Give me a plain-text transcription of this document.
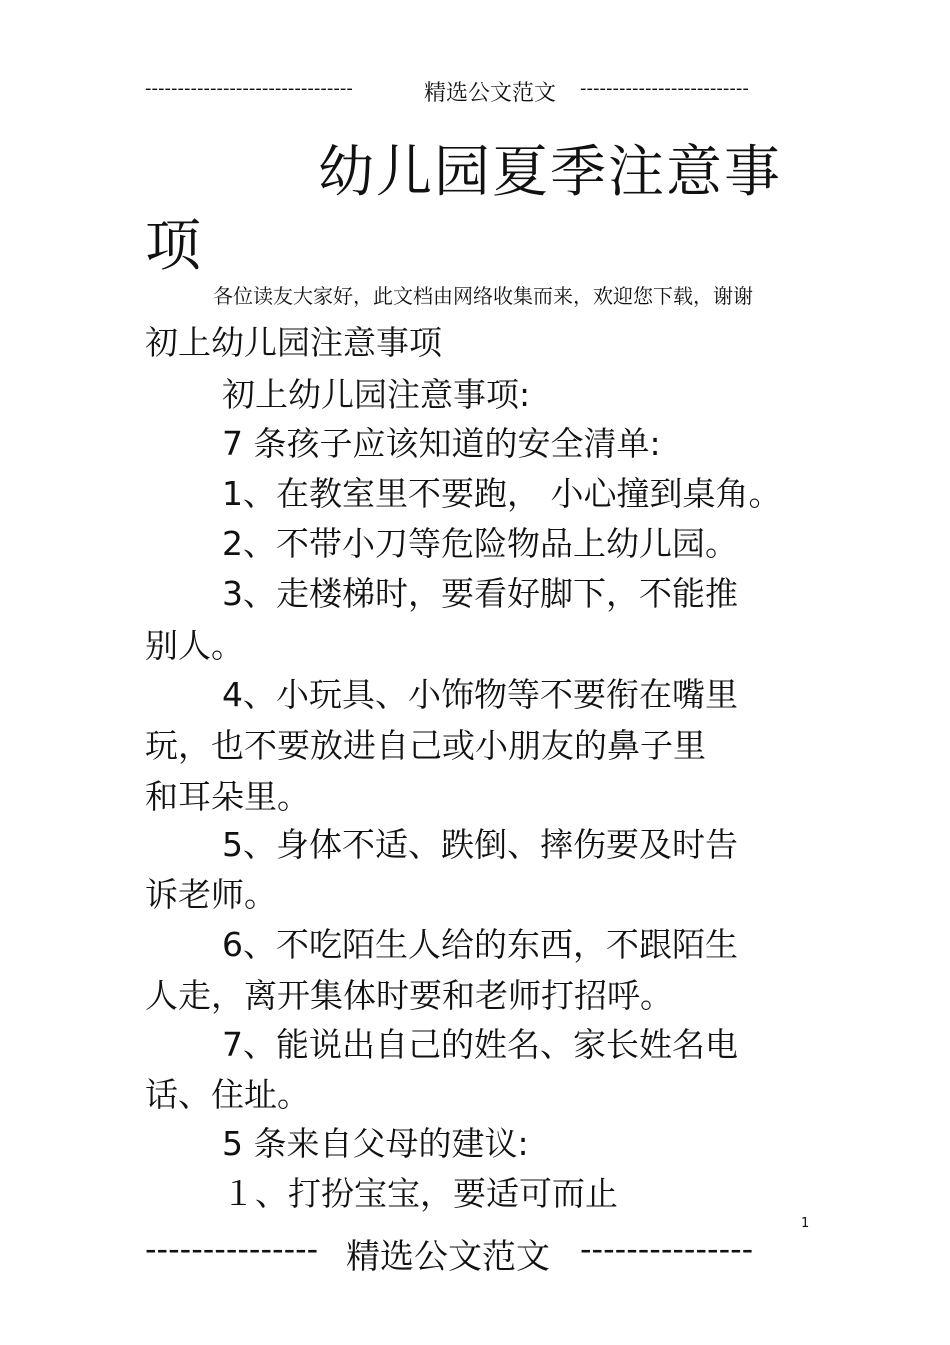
--------------------------------	精选公文范文 --------------------------
幼儿园夏季注意事
项
各位读友大家好，此文档由网络收集而来，欢迎您下载，谢谢
初上幼儿园注意事项
初上幼儿园注意事项:
7 条孩子应该知道的安全清单:
1、在教室里不要跑， 小心撞到桌角。
2、不带小刀等危险物品上幼儿园。
3、走楼梯时，要看好脚下，不能推
别人。
4、小玩具、小饰物等不要衔在嘴里
玩，也不要放进自己或小朋友的鼻子里
和耳朵里。
5、身体不适、跌倒、摔伤要及时告
诉老师。
6、不吃陌生人给的东西，不跟陌生
人走，离开集体时要和老师打招呼。
7、能说出自己的姓名、家长姓名电
话、住址。
5 条来自父母的建议:
１、打扮宝宝，要适可而止
1
--------------- 精选公文范文 ---------------
